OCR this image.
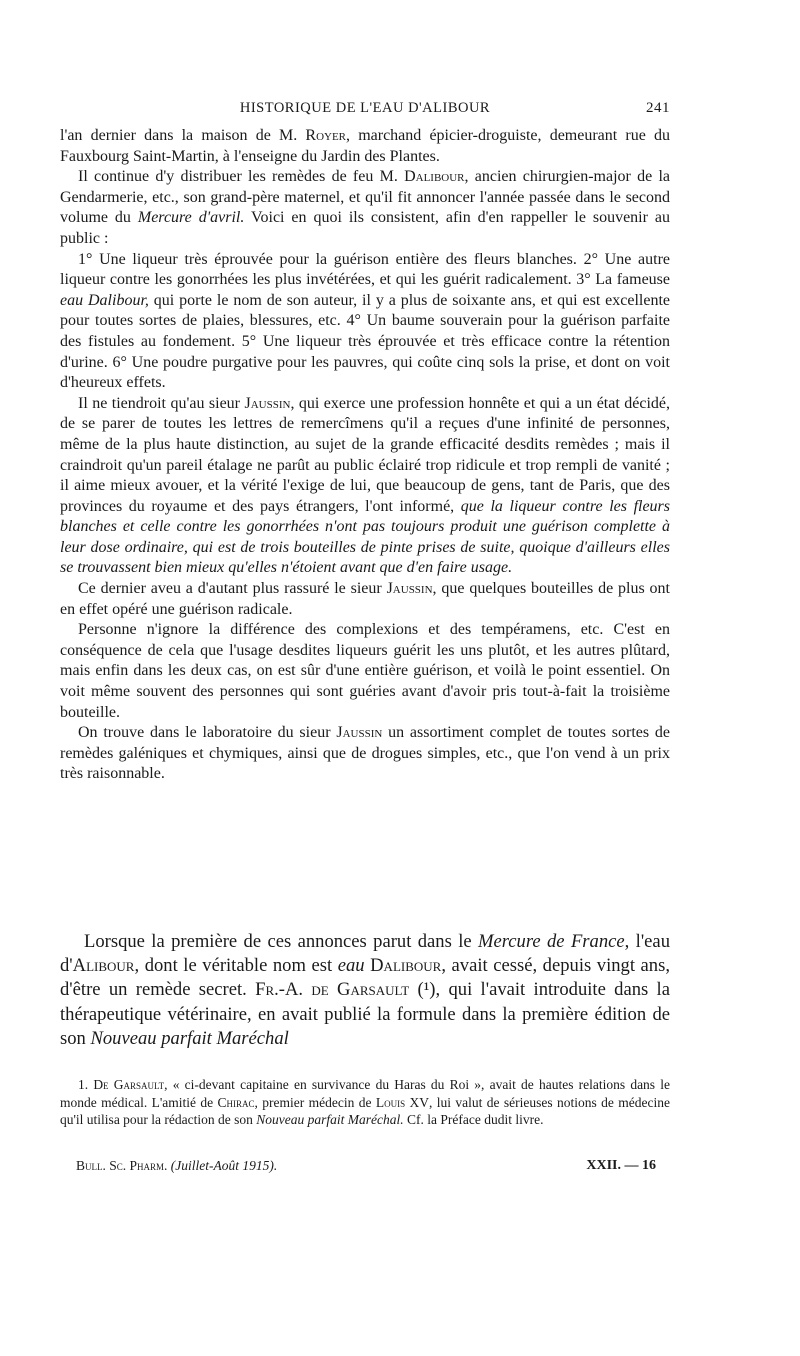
HISTORIQUE DE L'EAU D'ALIBOUR	241

l'an dernier dans la maison de M. Royer, marchand épicier-droguiste, demeurant rue du Fauxbourg Saint-Martin, à l'enseigne du Jardin des Plantes.

Il continue d'y distribuer les remèdes de feu M. Dalibour, ancien chirurgien-major de la Gendarmerie, etc., son grand-père maternel, et qu'il fit annoncer l'année passée dans le second volume du Mercure d'avril. Voici en quoi ils consistent, afin d'en rappeller le souvenir au public :

1° Une liqueur très éprouvée pour la guérison entière des fleurs blanches. 2° Une autre liqueur contre les gonorrhées les plus invétérées, et qui les guérit radicalement. 3° La fameuse eau Dalibour, qui porte le nom de son auteur, il y a plus de soixante ans, et qui est excellente pour toutes sortes de plaies, blessures, etc. 4° Un baume souverain pour la guérison parfaite des fistules au fondement. 5° Une liqueur très éprouvée et très efficace contre la rétention d'urine. 6° Une poudre purgative pour les pauvres, qui coûte cinq sols la prise, et dont on voit d'heureux effets.

Il ne tiendroit qu'au sieur Jaussin, qui exerce une profession honnête et qui a un état décidé, de se parer de toutes les lettres de remercîmens qu'il a reçues d'une infinité de personnes, même de la plus haute distinction, au sujet de la grande efficacité desdits remèdes ; mais il craindroit qu'un pareil étalage ne parût au public éclairé trop ridicule et trop rempli de vanité ; il aime mieux avouer, et la vérité l'exige de lui, que beaucoup de gens, tant de Paris, que des provinces du royaume et des pays étrangers, l'ont informé, que la liqueur contre les fleurs blanches et celle contre les gonorrhées n'ont pas toujours produit une guérison complette à leur dose ordinaire, qui est de trois bouteilles de pinte prises de suite, quoique d'ailleurs elles se trouvassent bien mieux qu'elles n'étoient avant que d'en faire usage.

Ce dernier aveu a d'autant plus rassuré le sieur Jaussin, que quelques bouteilles de plus ont en effet opéré une guérison radicale.

Personne n'ignore la différence des complexions et des tempéramens, etc. C'est en conséquence de cela que l'usage desdites liqueurs guérit les uns plutôt, et les autres plûtard, mais enfin dans les deux cas, on est sûr d'une entière guérison, et voilà le point essentiel. On voit même souvent des personnes qui sont guéries avant d'avoir pris tout-à-fait la troisième bouteille.

On trouve dans le laboratoire du sieur Jaussin un assortiment complet de toutes sortes de remèdes galéniques et chymiques, ainsi que de drogues simples, etc., que l'on vend à un prix très raisonnable.

Lorsque la première de ces annonces parut dans le Mercure de France, l'eau d'Alibour, dont le véritable nom est eau Dalibour, avait cessé, depuis vingt ans, d'être un remède secret. Fr.-A. de Garsault (¹), qui l'avait introduite dans la thérapeutique vétérinaire, en avait publié la formule dans la première édition de son Nouveau parfait Maréchal

1. De Garsault, « ci-devant capitaine en survivance du Haras du Roi », avait de hautes relations dans le monde médical. L'amitié de Chirac, premier médecin de Louis XV, lui valut de sérieuses notions de médecine qu'il utilisa pour la rédaction de son Nouveau parfait Maréchal. Cf. la Préface dudit livre.

Bull. Sc. Pharm. (Juillet-Août 1915).	XXII. — 16
